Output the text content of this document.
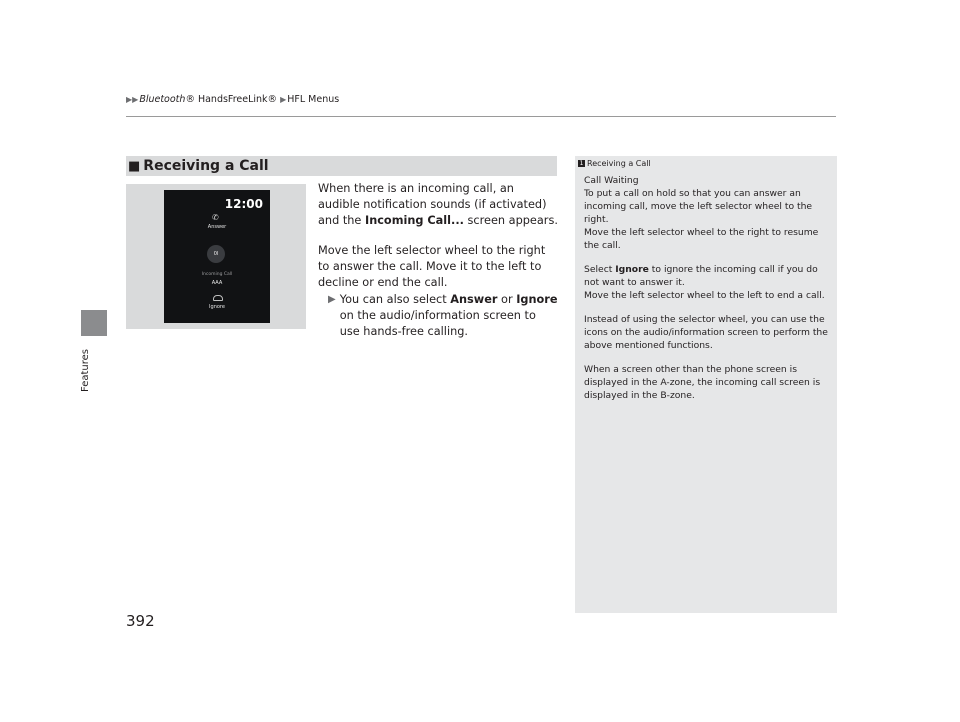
▶▶Bluetooth® HandsFreeLink® ▶HFL Menus
Features
392
■ Receiving a Call
12:00
✆
Answer
0l
Incoming Call
AAA
Ignore

When there is an incoming call, an audible notification sounds (if activated) and the Incoming Call... screen appears.

Move the left selector wheel to the right to answer the call. Move it to the left to decline or end the call.

▶ You can also select Answer or Ignore on the audio/information screen to use hands-free calling.
1 Receiving a Call

Call Waiting

To put a call on hold so that you can answer an incoming call, move the left selector wheel to the right.

Move the left selector wheel to the right to resume the call.

Select Ignore to ignore the incoming call if you do not want to answer it.

Move the left selector wheel to the left to end a call.

Instead of using the selector wheel, you can use the icons on the audio/information screen to perform the above mentioned functions.

When a screen other than the phone screen is displayed in the A-zone, the incoming call screen is displayed in the B-zone.
